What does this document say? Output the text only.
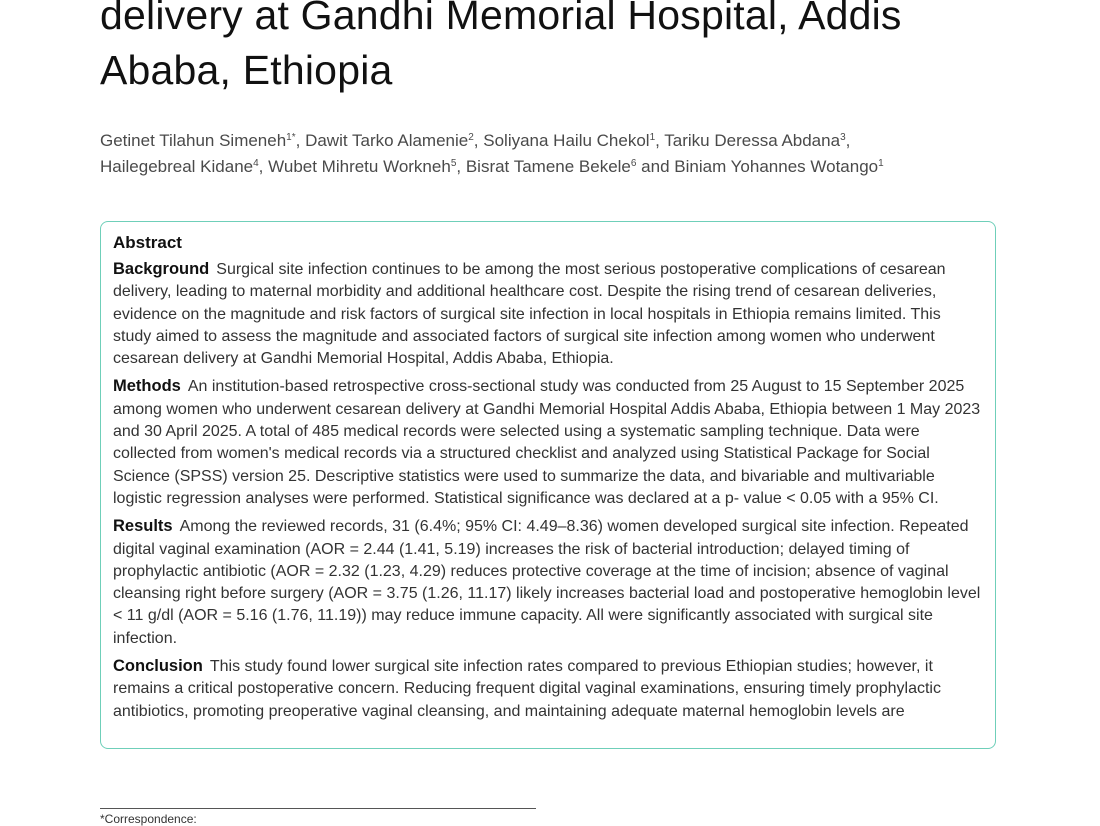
delivery at Gandhi Memorial Hospital, Addis Ababa, Ethiopia
Getinet Tilahun Simeneh$^{1*}$, Dawit Tarko Alamenie$^2$, Soliyana Hailu Chekol$^1$, Tariku Deressa Abdana$^3$,
Hailegebreal Kidane$^4$, Wubet Mihretu Workneh$^5$, Bisrat Tamene Bekele$^6$ and Biniam Yohannes Wotango$^1$
Abstract

Background Surgical site infection continues to be among the most serious postoperative complications of cesarean delivery, leading to maternal morbidity and additional healthcare cost. Despite the rising trend of cesarean deliveries, evidence on the magnitude and risk factors of surgical site infection in local hospitals in Ethiopia remains limited. This study aimed to assess the magnitude and associated factors of surgical site infection among women who underwent cesarean delivery at Gandhi Memorial Hospital, Addis Ababa, Ethiopia.

Methods An institution-based retrospective cross-sectional study was conducted from 25 August to 15 September 2025 among women who underwent cesarean delivery at Gandhi Memorial Hospital Addis Ababa, Ethiopia between 1 May 2023 and 30 April 2025. A total of 485 medical records were selected using a systematic sampling technique. Data were collected from women's medical records via a structured checklist and analyzed using Statistical Package for Social Science (SPSS) version 25. Descriptive statistics were used to summarize the data, and bivariable and multivariable logistic regression analyses were performed. Statistical significance was declared at a p- value < 0.05 with a 95% CI.

Results Among the reviewed records, 31 (6.4%; 95% CI: 4.49–8.36) women developed surgical site infection. Repeated digital vaginal examination (AOR = 2.44 (1.41, 5.19) increases the risk of bacterial introduction; delayed timing of prophylactic antibiotic (AOR = 2.32 (1.23, 4.29) reduces protective coverage at the time of incision; absence of vaginal cleansing right before surgery (AOR = 3.75 (1.26, 11.17) likely increases bacterial load and postoperative hemoglobin level < 11 g/dl (AOR = 5.16 (1.76, 11.19)) may reduce immune capacity. All were significantly associated with surgical site infection.

Conclusion This study found lower surgical site infection rates compared to previous Ethiopian studies; however, it remains a critical postoperative concern. Reducing frequent digital vaginal examinations, ensuring timely prophylactic antibiotics, promoting preoperative vaginal cleansing, and maintaining adequate maternal hemoglobin levels are

*Correspondence:
